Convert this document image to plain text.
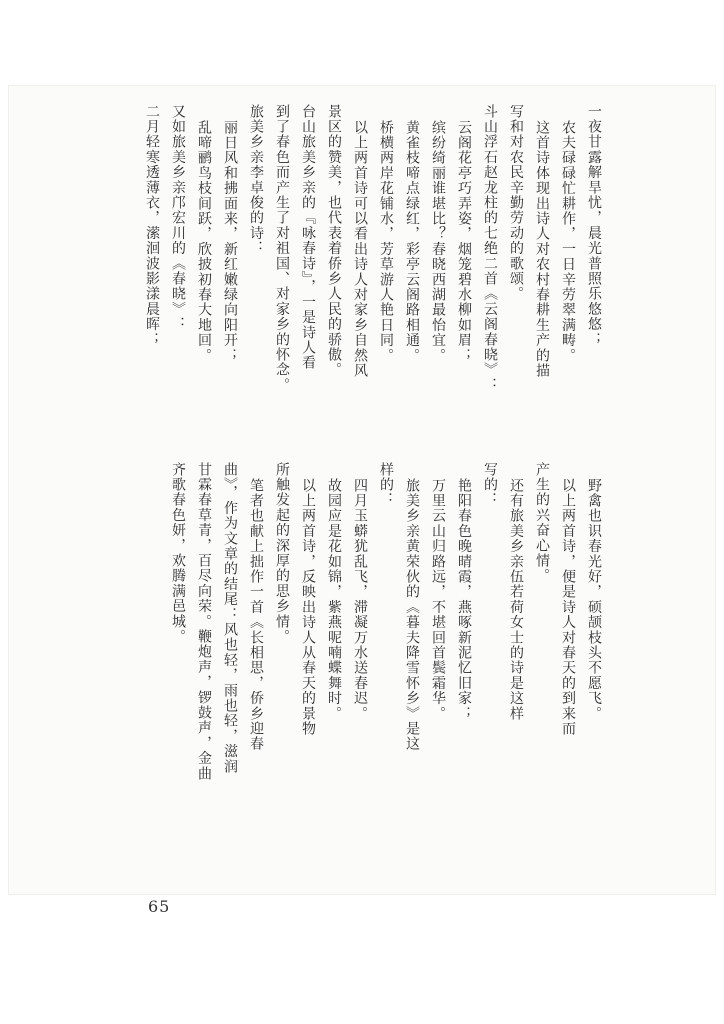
一夜甘露解旱忧，晨光普照乐悠悠；
农夫碌碌忙耕作，一日辛劳翠满畴。
这首诗体现出诗人对农村春耕生产的描
写和对农民辛勤劳动的歌颂。
斗山浮石赵龙柱的七绝二首《云阁春晓》：
云阁花亭巧弄姿，烟笼碧水柳如眉；
缤纷绮丽谁堪比？春晓西湖最怡宜。
黄雀枝啼点绿红，彩亭云阁路相通。
桥横两岸花铺水，芳草游人艳日同。
以上两首诗可以看出诗人对家乡自然风
景区的赞美，也代表着侨乡人民的骄傲。
台山旅美乡亲的『咏春诗』，一是诗人看
到了春色而产生了对祖国、对家乡的怀念。
旅美乡亲李卓俊的诗：
丽日风和拂面来，新红嫩绿向阳开；
乱啼鹂鸟枝间跃，欣披初春大地回。
又如旅美乡亲邝宏川的《春晓》：
二月轻寒透薄衣，潆洄波影漾晨晖；
野禽也识春光好，硕颉枝头不愿飞。
以上两首诗，便是诗人对春天的到来而
产生的兴奋心情。
还有旅美乡亲伍若荷女士的诗是这样
写的：
艳阳春色晚晴霞，燕啄新泥忆旧家；
万里云山归路远，不堪回首鬓霜华。
旅美乡亲黄荣伙的《暮夫降雪怀乡》是这
样的：
四月玉蟒犹乱飞，滞凝万水送春迟。
故园应是花如锦，紫燕呢喃蝶舞时。
以上两首诗，反映出诗人从春天的景物
所触发起的深厚的思乡情。
笔者也献上拙作一首《长相思，侨乡迎春
曲》，作为文章的结尾：风也轻，雨也轻，滋润
甘霖春草青，百尽向荣。鞭炮声，锣鼓声，金曲
齐歌春色妍，欢腾满邑城。
65
